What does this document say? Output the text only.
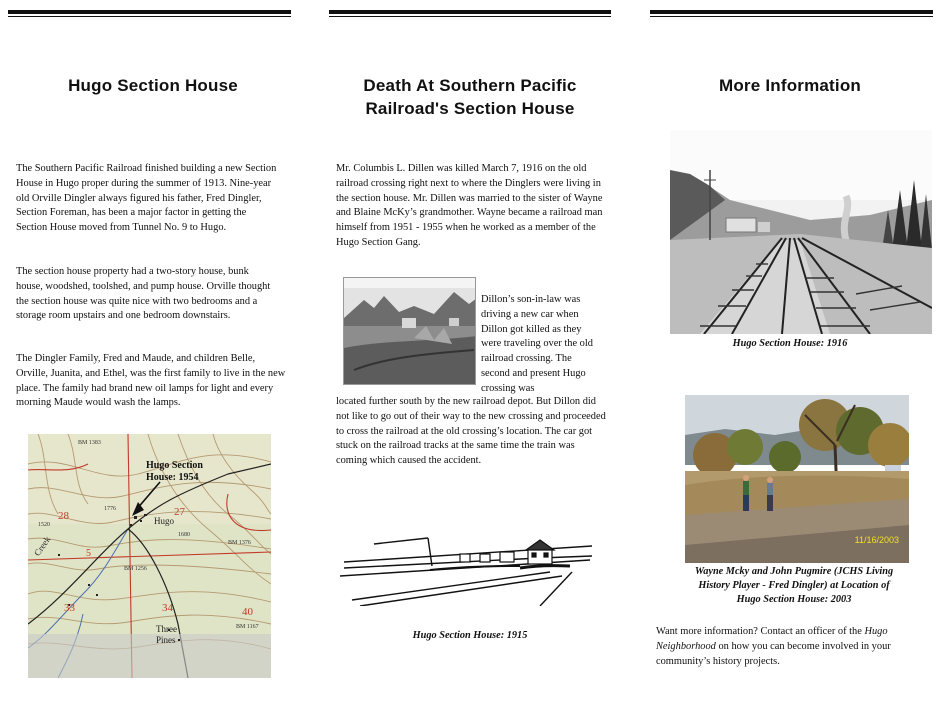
Hugo Section House

The Southern Pacific Railroad finished building a new Section House in Hugo proper during the summer of 1913. Nine-year old Orville Dingler always figured his father, Fred Dingler, Section Foreman, has been a major factor in getting the Section House moved from Tunnel No. 9 to Hugo.

The section house property had a two-story house, bunk house, woodshed, toolshed, and pump house. Orville thought the section house was quite nice with two bedrooms and a storage room upstairs and one bedroom downstairs.

The Dingler Family, Fred and Maude, and children Belle, Orville, Juanita, and Ethel, was the first family to live in the new place. The family had brand new oil lamps for light and every morning Maude would wash the lamps.

Hugo Section
House: 1954
Hugo
Creek
Three
Pines
28	27
33	34	40
5
BM 1383
BM 1376
BM 1256
BM 1167
1680
1776
1520
Death At Southern Pacific
Railroad's Section House

Mr. Columbis L. Dillen was killed March 7, 1916 on the old railroad crossing right next to where the Dinglers were living in the section house. Mr. Dillen was married to the sister of Wayne and Blaine McKy’s grandmother. Wayne became a railroad man himself from 1951 - 1955 when he worked as a member of the Hugo Section Gang.

Dillon’s son-in-law was driving a new car when Dillon got killed as they were traveling over the old railroad crossing. The second and present Hugo crossing was

located further south by the new railroad depot. But Dillon did not like to go out of their way to the new crossing and proceeded to cross the railroad at the old crossing’s location. The car got stuck on the railroad tracks at the same time the train was coming which caused the accident.

Hugo Section House: 1915
More Information
Hugo Section House: 1916
11/16/2003
Wayne Mcky and John Pugmire (JCHS Living History Player - Fred Dingler) at Location of Hugo Section House: 2003

Want more information? Contact an officer of the Hugo Neighborhood on how you can become involved in your community’s history projects.
